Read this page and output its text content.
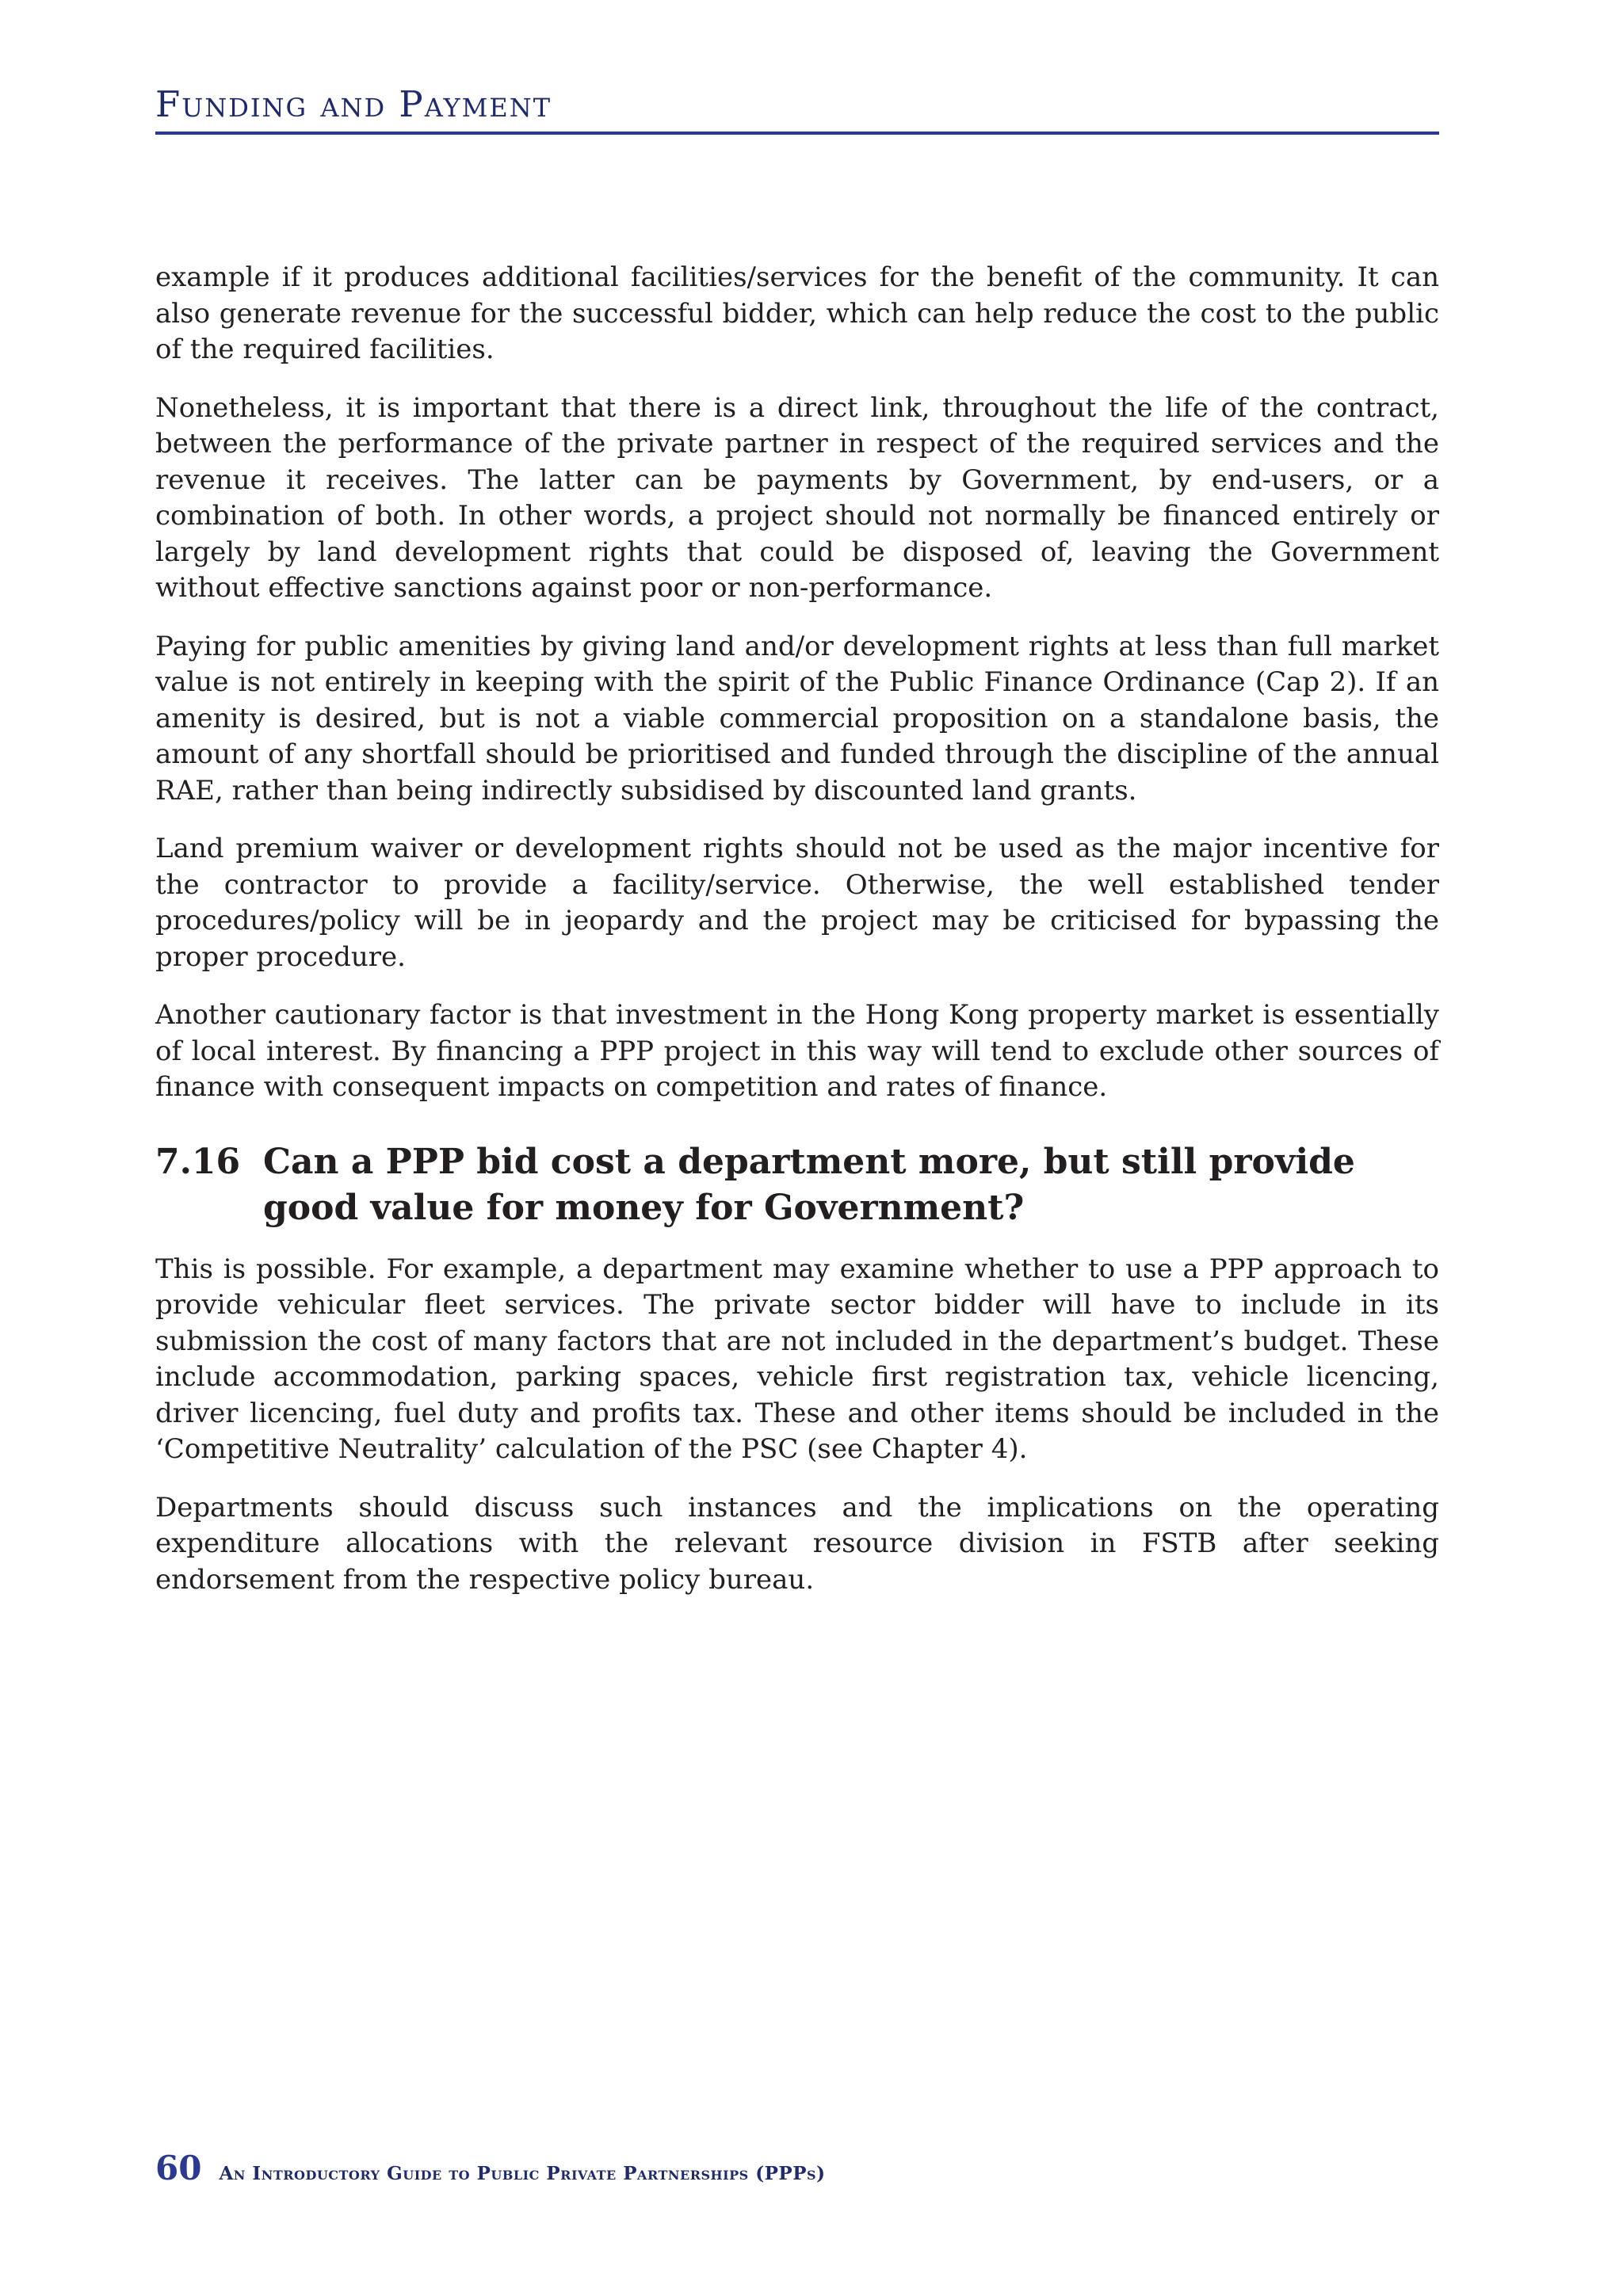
Funding and Payment

example if it produces additional facilities/services for the benefit of the community. It can also generate revenue for the successful bidder, which can help reduce the cost to the public of the required facilities.

Nonetheless, it is important that there is a direct link, throughout the life of the contract, between the performance of the private partner in respect of the required services and the revenue it receives. The latter can be payments by Government, by end-users, or a combination of both. In other words, a project should not normally be financed entirely or largely by land development rights that could be disposed of, leaving the Government without effective sanctions against poor or non-performance.

Paying for public amenities by giving land and/or development rights at less than full market value is not entirely in keeping with the spirit of the Public Finance Ordinance (Cap 2). If an amenity is desired, but is not a viable commercial proposition on a standalone basis, the amount of any shortfall should be prioritised and funded through the discipline of the annual RAE, rather than being indirectly subsidised by discounted land grants.

Land premium waiver or development rights should not be used as the major incentive for the contractor to provide a facility/service. Otherwise, the well established tender procedures/policy will be in jeopardy and the project may be criticised for bypassing the proper procedure.

Another cautionary factor is that investment in the Hong Kong property market is essentially of local interest. By financing a PPP project in this way will tend to exclude other sources of finance with consequent impacts on competition and rates of finance.

7.16 Can a PPP bid cost a department more, but still provide good value for money for Government?

This is possible. For example, a department may examine whether to use a PPP approach to provide vehicular fleet services. The private sector bidder will have to include in its submission the cost of many factors that are not included in the department’s budget. These include accommodation, parking spaces, vehicle first registration tax, vehicle licencing, driver licencing, fuel duty and profits tax. These and other items should be included in the ‘Competitive Neutrality’ calculation of the PSC (see Chapter 4).

Departments should discuss such instances and the implications on the operating expenditure allocations with the relevant resource division in FSTB after seeking endorsement from the respective policy bureau.

60 An Introductory Guide to Public Private Partnerships (PPPs)
